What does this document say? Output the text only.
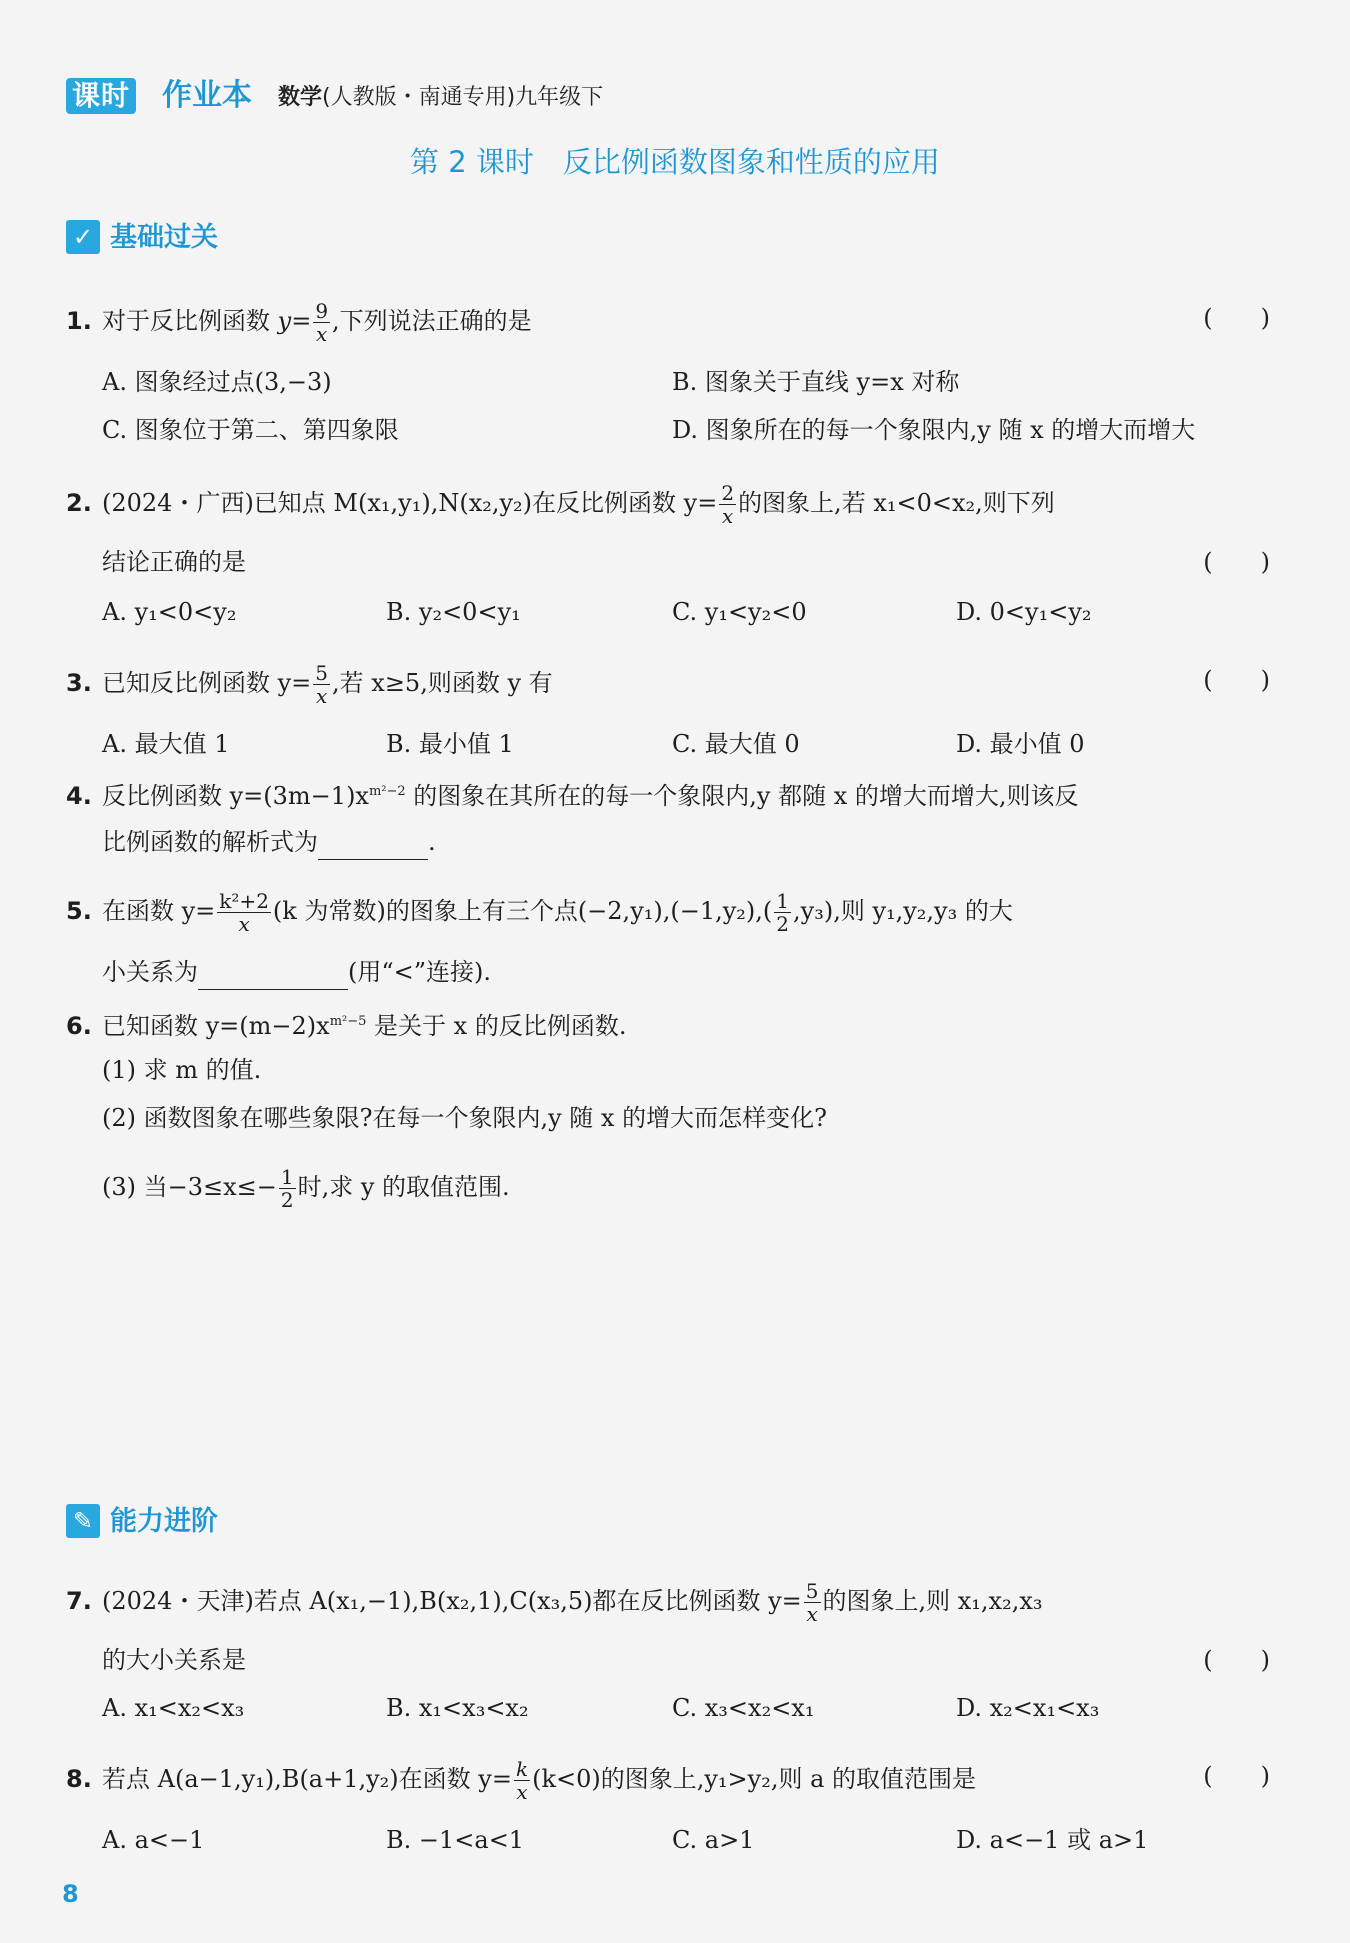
课时 作业本 数学(人教版・南通专用)九年级下
第 2 课时　反比例函数图象和性质的应用
✓ 基础过关
1. 对于反比例函数 $y= \frac{9}{x}$ ,下列说法正确的是	(　　)
A. 图象经过点(3,−3)	B. 图象关于直线 y=x 对称
C. 图象位于第二、第四象限	D. 图象所在的每一个象限内,y 随 x 的增大而增大
2. (2024・广西)已知点 M(x₁,y₁),N(x₂,y₂)在反比例函数 $y= \frac{2}{x}$ 的图象上,若 x₁<0<x₂,则下列
结论正确的是	(　　)
A. y₁<0<y₂	B. y₂<0<y₁	C. y₁<y₂<0	D. 0<y₁<y₂
3. 已知反比例函数 $y= \frac{5}{x}$ ,若 x≥5,则函数 y 有	(　　)
A. 最大值 1	B. 最小值 1	C. 最大值 0	D. 最小值 0
4. 反比例函数 $y=(3m-1)x^{m^2-2}$ 的图象在其所在的每一个象限内,y 都随 x 的增大而增大,则该反
比例函数的解析式为	.
5. 在函数 $y= \frac{\text{k²+2}}{x} (k$ 为常数)的图象上有三个点$(-2,y_1),(-1,y_2),( \frac{1}{2} ,y_3)$,则 y₁,y₂,y₃ 的大
小关系为	(用“<”连接).
6. 已知函数 $y=(m-2)x^{m^2-5}$ 是关于 x 的反比例函数.
(1) 求 m 的值.
(2) 函数图象在哪些象限?在每一个象限内,y 随 x 的增大而怎样变化?
(3) 当$-3\le x\le- \frac{1}{2}$ 时,求 y 的取值范围.
✎ 能力进阶
7. (2024・天津)若点 A(x₁,−1),B(x₂,1),C(x₃,5)都在反比例函数 $y= \frac{5}{x}$ 的图象上,则 x₁,x₂,x₃
的大小关系是	(　　)
A. x₁<x₂<x₃	B. x₁<x₃<x₂	C. x₃<x₂<x₁	D. x₂<x₁<x₃
8. 若点 A(a−1,y₁),B(a+1,y₂)在函数 $y= \frac{k}{x} (k<0)$的图象上,y₁>y₂,则 a 的取值范围是	(　　)
A. a<−1	B. −1<a<1	C. a>1	D. a<−1 或 a>1
8
